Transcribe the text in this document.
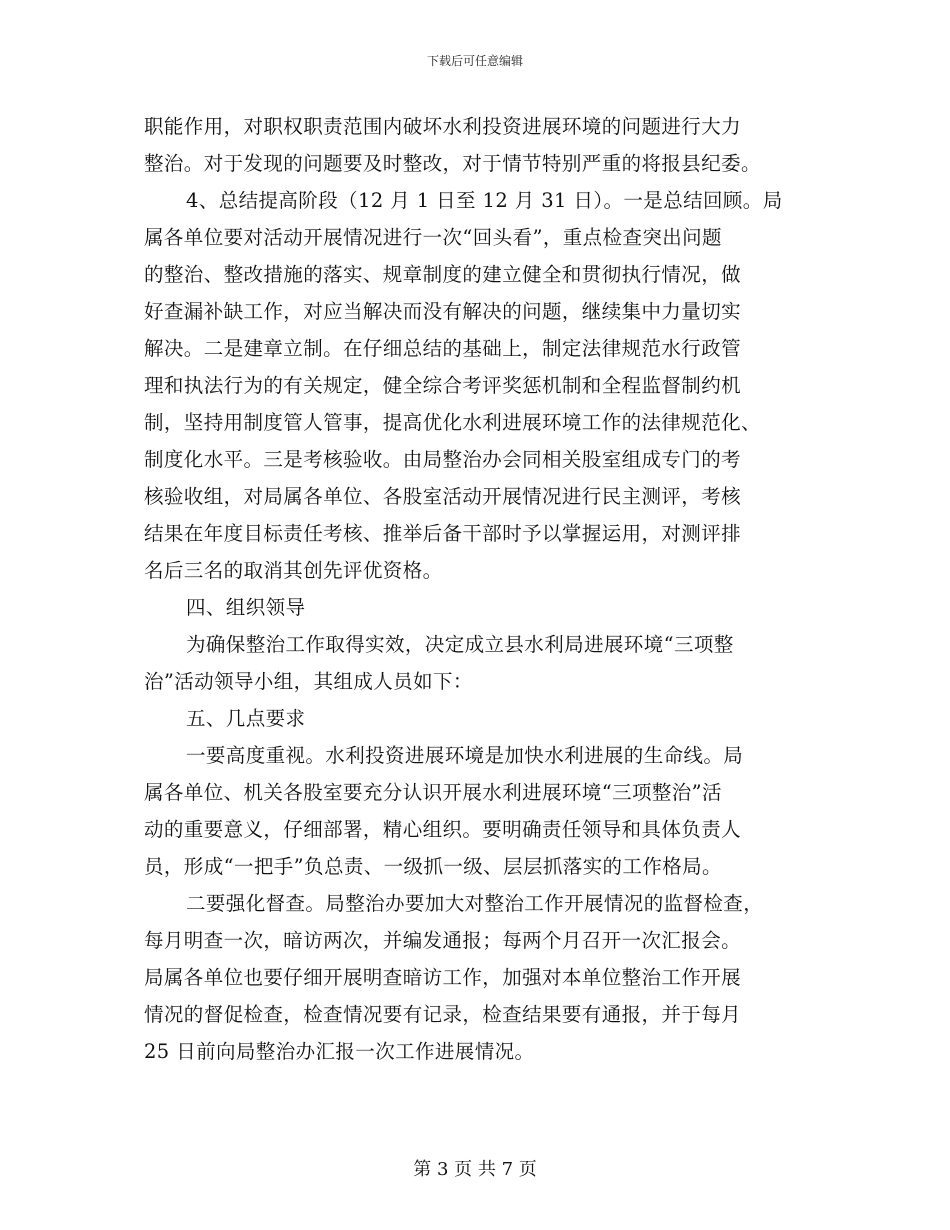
下载后可任意编辑
职能作用，对职权职责范围内破坏水利投资进展环境的问题进行大力
整治。对于发现的问题要及时整改，对于情节特别严重的将报县纪委。
4、总结提高阶段（12 月 1 日至 12 月 31 日）。一是总结回顾。局
属各单位要对活动开展情况进行一次“回头看”，重点检查突出问题
的整治、整改措施的落实、规章制度的建立健全和贯彻执行情况，做
好查漏补缺工作，对应当解决而没有解决的问题，继续集中力量切实
解决。二是建章立制。在仔细总结的基础上，制定法律规范水行政管
理和执法行为的有关规定，健全综合考评奖惩机制和全程监督制约机
制，坚持用制度管人管事，提高优化水利进展环境工作的法律规范化、
制度化水平。三是考核验收。由局整治办会同相关股室组成专门的考
核验收组，对局属各单位、各股室活动开展情况进行民主测评，考核
结果在年度目标责任考核、推举后备干部时予以掌握运用，对测评排
名后三名的取消其创先评优资格。
四、组织领导
为确保整治工作取得实效，决定成立县水利局进展环境“三项整
治”活动领导小组，其组成人员如下：
五、几点要求
一要高度重视。水利投资进展环境是加快水利进展的生命线。局
属各单位、机关各股室要充分认识开展水利进展环境“三项整治”活
动的重要意义，仔细部署，精心组织。要明确责任领导和具体负责人
员，形成“一把手”负总责、一级抓一级、层层抓落实的工作格局。
二要强化督查。局整治办要加大对整治工作开展情况的监督检查，
每月明查一次，暗访两次，并编发通报；每两个月召开一次汇报会。
局属各单位也要仔细开展明查暗访工作，加强对本单位整治工作开展
情况的督促检查，检查情况要有记录，检查结果要有通报，并于每月
25 日前向局整治办汇报一次工作进展情况。
第 3 页 共 7 页
